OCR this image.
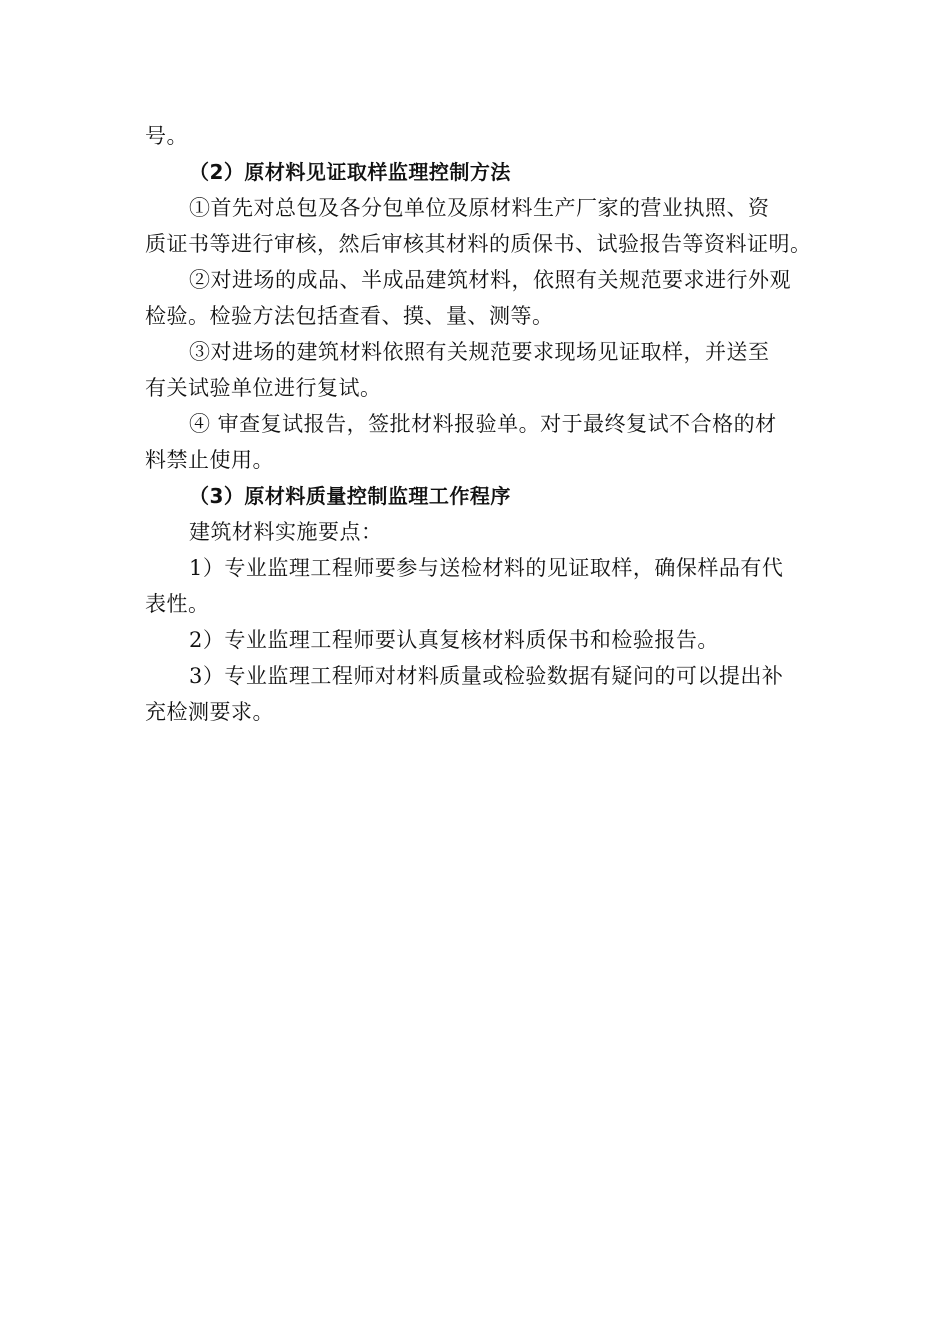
号。
（2）原材料见证取样监理控制方法
①首先对总包及各分包单位及原材料生产厂家的营业执照、资
质证书等进行审核，然后审核其材料的质保书、试验报告等资料证明。
②对进场的成品、半成品建筑材料，依照有关规范要求进行外观
检验。检验方法包括查看、摸、量、测等。
③对进场的建筑材料依照有关规范要求现场见证取样，并送至
有关试验单位进行复试。
④ 审查复试报告，签批材料报验单。对于最终复试不合格的材
料禁止使用。
（3）原材料质量控制监理工作程序
建筑材料实施要点：
1）专业监理工程师要参与送检材料的见证取样，确保样品有代
表性。
2）专业监理工程师要认真复核材料质保书和检验报告。
3）专业监理工程师对材料质量或检验数据有疑问的可以提出补
充检测要求。
